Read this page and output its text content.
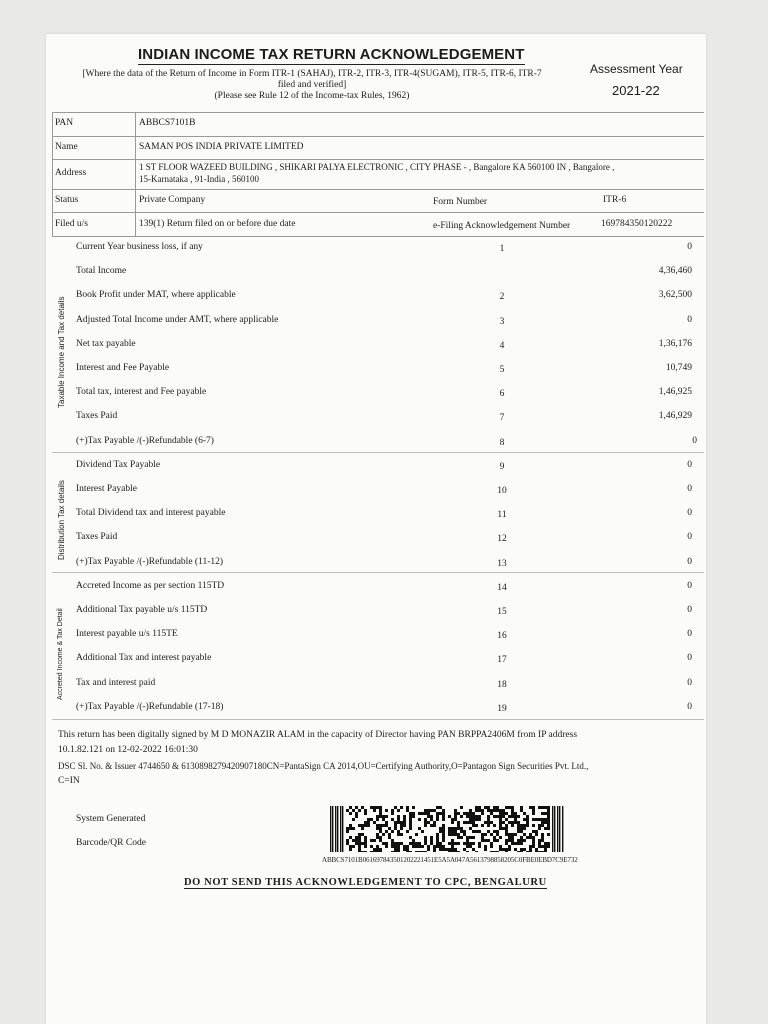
INDIAN INCOME TAX RETURN ACKNOWLEDGEMENT
[Where the data of the Return of Income in Form ITR-1 (SAHAJ), ITR-2, ITR-3, ITR-4(SUGAM), ITR-5, ITR-6, ITR-7
filed and verified]
(Please see Rule 12 of the Income-tax Rules, 1962)
Assessment Year
2021-22
PAN	ABBCS7101B
Name	SAMAN POS INDIA PRIVATE LIMITED
Address
1 ST FLOOR WAZEED BUILDING , SHIKARI PALYA ELECTRONIC , CITY PHASE - , Bangalore KA 560100 IN , Bangalore ,
15-Karnataka , 91-India , 560100
Status	Private Company	Form Number	ITR-6
Filed u/s	139(1) Return filed on or before due date	e-Filing Acknowledgement Number	169784350120222
Current Year business loss, if any	1	0
Total Income	4,36,460
Book Profit under MAT, where applicable	2	3,62,500
Adjusted Total Income under AMT, where applicable	3	0
Net tax payable	4	1,36,176
Interest and Fee Payable	5	10,749
Total tax, interest and Fee payable	6	1,46,925
Taxes Paid	7	1,46,929
(+)Tax Payable /(-)Refundable (6-7)	8	0
Dividend Tax Payable	9	0
Interest Payable	10	0
Total Dividend tax and interest payable	11	0
Taxes Paid	12	0
(+)Tax Payable /(-)Refundable (11-12)	13	0
Accreted Income as per section 115TD	14	0
Additional Tax payable u/s 115TD	15	0
Interest payable u/s 115TE	16	0
Additional Tax and interest payable	17	0
Tax and interest paid	18	0
(+)Tax Payable /(-)Refundable (17-18)	19	0
Taxable Income and Tax details
Distribution Tax details
Accreted Income & Tax Detail
This return has been digitally signed by M D MONAZIR ALAM in the capacity of Director having PAN BRPPA2406M from IP address
10.1.82.121 on 12-02-2022 16:01:30
DSC Sl. No. & Issuer 4744650 & 6130898279420907180CN=PantaSign CA 2014,OU=Certifying Authority,O=Pantagon Sign Securities Pvt. Ltd.,
C=IN
System Generated
Barcode/QR Code
ABBCS7101B061697843501202221451E5A5A047A5613798858205C0FBE0EBD7C9E732
DO NOT SEND THIS ACKNOWLEDGEMENT TO CPC, BENGALURU
